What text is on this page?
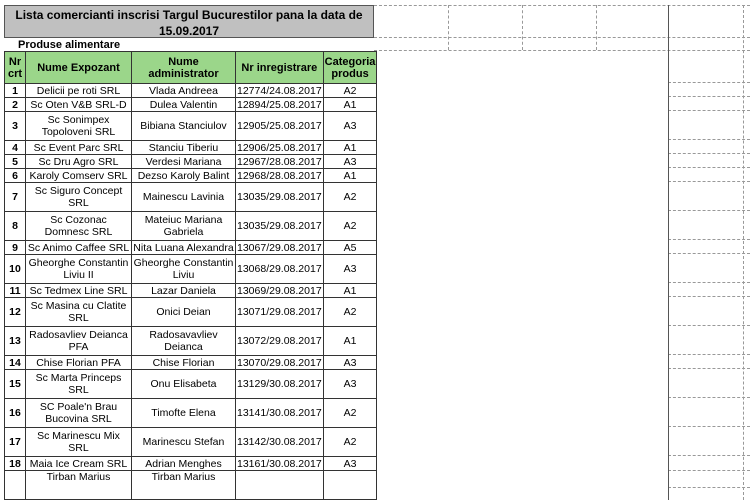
Lista comercianti inscrisi Targul Bucurestilor pana la data de 15.09.2017
Produse alimentare
Nr crt	Nume Expozant	Nume administrator	Nr inregistrare	Categoria produs
1	Delicii pe roti SRL	Vlada Andreea	12774/24.08.2017	A2
2	Sc Oten V&B SRL-D	Dulea Valentin	12894/25.08.2017	A1
3	Sc Sonimpex Topoloveni SRL	Bibiana Stanciulov	12905/25.08.2017	A3
4	Sc Event Parc SRL	Stanciu Tiberiu	12906/25.08.2017	A1
5	Sc Dru Agro SRL	Verdesi Mariana	12967/28.08.2017	A3
6	Karoly Comserv SRL	Dezso Karoly Balint	12968/28.08.2017	A1
7	Sc Siguro Concept SRL	Mainescu Lavinia	13035/29.08.2017	A2
8	Sc Cozonac Domnesc SRL	Mateiuc Mariana Gabriela	13035/29.08.2017	A2
9	Sc Animo Caffee SRL	Nita Luana Alexandra	13067/29.08.2017	A5
10	Gheorghe Constantin Liviu II	Gheorghe Constantin Liviu	13068/29.08.2017	A3
11	Sc Tedmex Line SRL	Lazar Daniela	13069/29.08.2017	A1
12	Sc Masina cu Clatite SRL	Onici Deian	13071/29.08.2017	A2
13	Radosavliev Deianca PFA	Radosavavliev Deianca	13072/29.08.2017	A1
14	Chise Florian PFA	Chise Florian	13070/29.08.2017	A3
15	Sc Marta Princeps SRL	Onu Elisabeta	13129/30.08.2017	A3
16	SC Poale'n Brau Bucovina SRL	Timofte Elena	13141/30.08.2017	A2
17	Sc Marinescu Mix SRL	Marinescu Stefan	13142/30.08.2017	A2
18	Maia Ice Cream SRL	Adrian Menghes	13161/30.08.2017	A3
	Tirban Marius	Tirban Marius		
